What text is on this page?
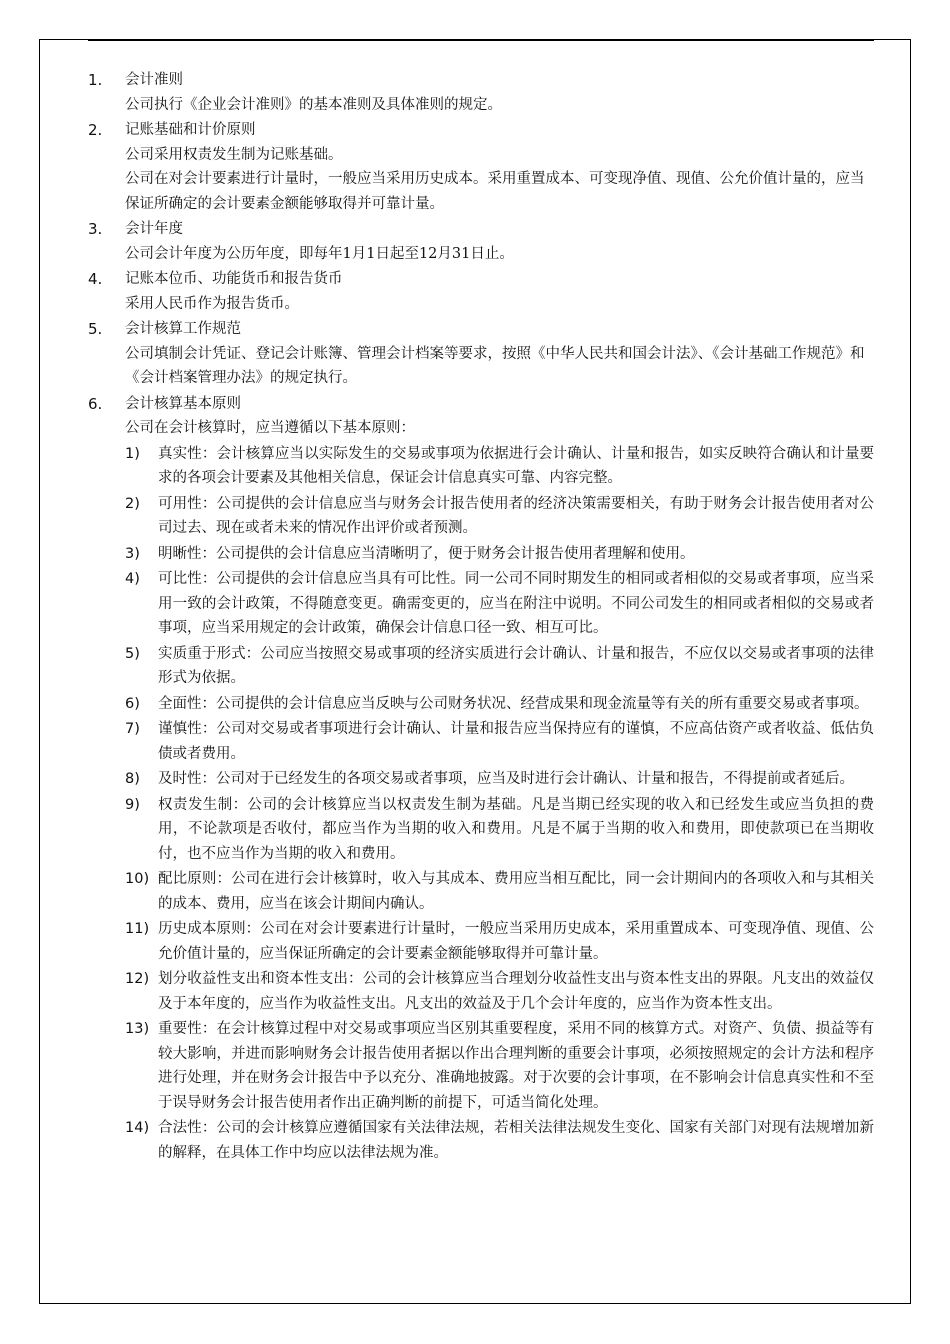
1.	会计准则
公司执行《企业会计准则》的基本准则及具体准则的规定。
2.	记账基础和计价原则
公司采用权责发生制为记账基础。
公司在对会计要素进行计量时，一般应当采用历史成本。采用重置成本、可变现净值、现值、公允价值计量的，应当保证所确定的会计要素金额能够取得并可靠计量。
3.	会计年度
公司会计年度为公历年度，即每年1月1日起至12月31日止。
4.	记账本位币、功能货币和报告货币
采用人民币作为报告货币。
5.	会计核算工作规范
公司填制会计凭证、登记会计账簿、管理会计档案等要求，按照《中华人民共和国会计法》、《会计基础工作规范》和《会计档案管理办法》的规定执行。
6.	会计核算基本原则
公司在会计核算时，应当遵循以下基本原则：
1)	真实性：会计核算应当以实际发生的交易或事项为依据进行会计确认、计量和报告，如实反映符合确认和计量要求的各项会计要素及其他相关信息，保证会计信息真实可靠、内容完整。
2)	可用性：公司提供的会计信息应当与财务会计报告使用者的经济决策需要相关，有助于财务会计报告使用者对公司过去、现在或者未来的情况作出评价或者预测。
3)	明晰性：公司提供的会计信息应当清晰明了，便于财务会计报告使用者理解和使用。
4)	可比性：公司提供的会计信息应当具有可比性。同一公司不同时期发生的相同或者相似的交易或者事项，应当采用一致的会计政策，不得随意变更。确需变更的，应当在附注中说明。不同公司发生的相同或者相似的交易或者事项，应当采用规定的会计政策，确保会计信息口径一致、相互可比。
5)	实质重于形式：公司应当按照交易或事项的经济实质进行会计确认、计量和报告，不应仅以交易或者事项的法律形式为依据。
6)	全面性：公司提供的会计信息应当反映与公司财务状况、经营成果和现金流量等有关的所有重要交易或者事项。
7)	谨慎性：公司对交易或者事项进行会计确认、计量和报告应当保持应有的谨慎，不应高估资产或者收益、低估负债或者费用。
8)	及时性：公司对于已经发生的各项交易或者事项，应当及时进行会计确认、计量和报告，不得提前或者延后。
9)	权责发生制：公司的会计核算应当以权责发生制为基础。凡是当期已经实现的收入和已经发生或应当负担的费用，不论款项是否收付，都应当作为当期的收入和费用。凡是不属于当期的收入和费用，即使款项已在当期收付，也不应当作为当期的收入和费用。
10) 配比原则：公司在进行会计核算时，收入与其成本、费用应当相互配比，同一会计期间内的各项收入和与其相关的成本、费用，应当在该会计期间内确认。
11) 历史成本原则：公司在对会计要素进行计量时，一般应当采用历史成本，采用重置成本、可变现净值、现值、公允价值计量的，应当保证所确定的会计要素金额能够取得并可靠计量。
12) 划分收益性支出和资本性支出：公司的会计核算应当合理划分收益性支出与资本性支出的界限。凡支出的效益仅及于本年度的，应当作为收益性支出。凡支出的效益及于几个会计年度的，应当作为资本性支出。
13) 重要性：在会计核算过程中对交易或事项应当区别其重要程度，采用不同的核算方式。对资产、负债、损益等有较大影响，并进而影响财务会计报告使用者据以作出合理判断的重要会计事项，必须按照规定的会计方法和程序进行处理，并在财务会计报告中予以充分、准确地披露。对于次要的会计事项，在不影响会计信息真实性和不至于误导财务会计报告使用者作出正确判断的前提下，可适当简化处理。
14) 合法性：公司的会计核算应遵循国家有关法律法规，若相关法律法规发生变化、国家有关部门对现有法规增加新的解释，在具体工作中均应以法律法规为准。
